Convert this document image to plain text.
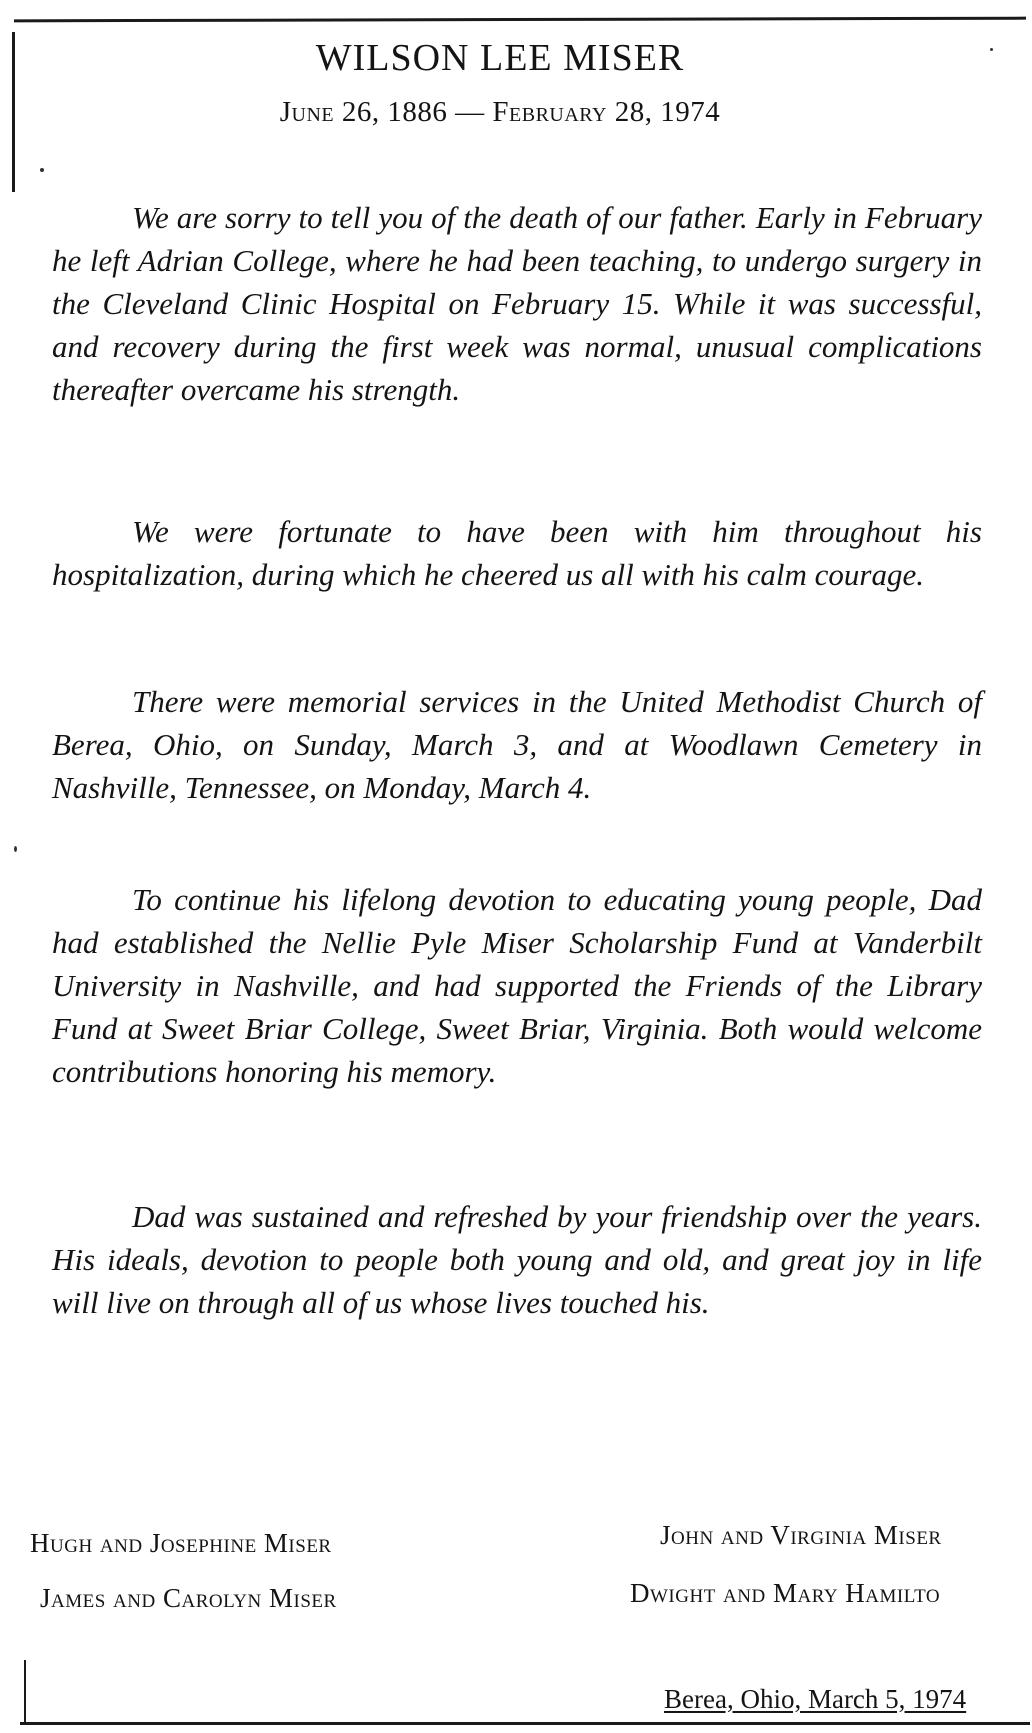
WILSON LEE MISER
June 26, 1886 — February 28, 1974

We are sorry to tell you of the death of our father. Early in February he left Adrian College, where he had been teaching, to undergo surgery in the Cleveland Clinic Hospital on February 15. While it was successful, and recovery during the first week was normal, unusual complications thereafter overcame his strength.

We were fortunate to have been with him throughout his hospitalization, during which he cheered us all with his calm courage.

There were memorial services in the United Methodist Church of Berea, Ohio, on Sunday, March 3, and at Woodlawn Cemetery in Nashville, Tennessee, on Monday, March 4.

To continue his lifelong devotion to educating young people, Dad had established the Nellie Pyle Miser Scholarship Fund at Vanderbilt University in Nashville, and had supported the Friends of the Library Fund at Sweet Briar College, Sweet Briar, Virginia. Both would welcome contributions honoring his memory.

Dad was sustained and refreshed by your friendship over the years. His ideals, devotion to people both young and old, and great joy in life will live on through all of us whose lives touched his.

Hugh and Josephine Miser
James and Carolyn Miser
John and Virginia Miser
Dwight and Mary Hamilto
Berea, Ohio, March 5, 1974
